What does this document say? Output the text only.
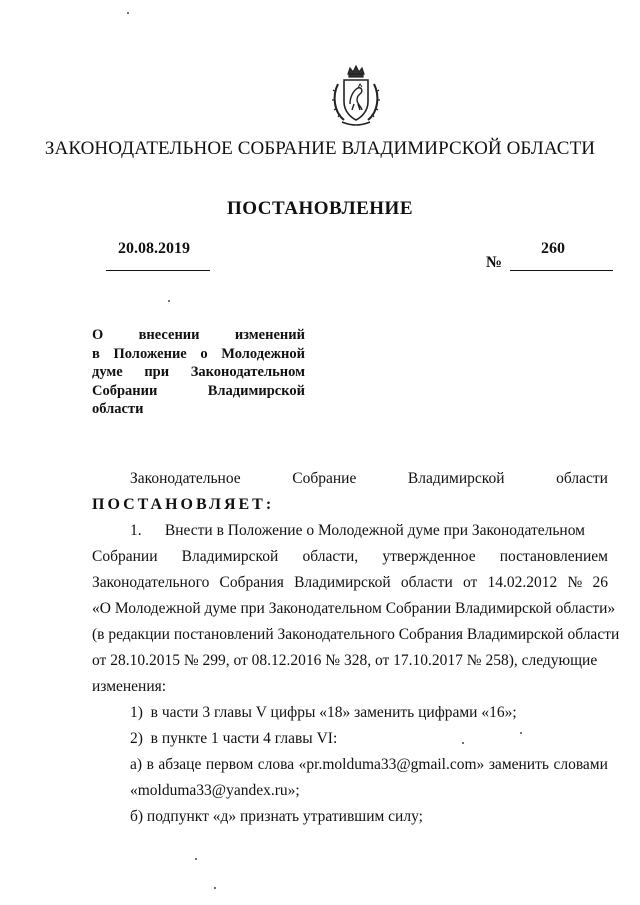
ЗАКОНОДАТЕЛЬНОЕ СОБРАНИЕ ВЛАДИМИРСКОЙ ОБЛАСТИ
ПОСТАНОВЛЕНИЕ
20.08.2019
№
260
О внесении изменений
в Положение о Молодежной
думе при Законодательном
Собрании	Владимирской
области
Законодательное	Собрание	Владимирской	области
ПОСТАНОВЛЯЕТ:
1.      Внести в Положение о Молодежной думе при Законодательном
Собрании Владимирской области, утвержденное постановлением
Законодательного Собрания Владимирской области от 14.02.2012 № 26
«О Молодежной думе при Законодательном Собрании Владимирской области»
(в редакции постановлений Законодательного Собрания Владимирской области
от 28.10.2015 № 299, от 08.12.2016 № 328, от 17.10.2017 № 258), следующие
изменения:
1)  в части 3 главы V цифры «18» заменить цифрами «16»;
2)  в пункте 1 части 4 главы VI:
а) в абзаце первом слова «pr.molduma33@gmail.com» заменить словами
«molduma33@yandex.ru»;
б) подпункт «д» признать утратившим силу;
